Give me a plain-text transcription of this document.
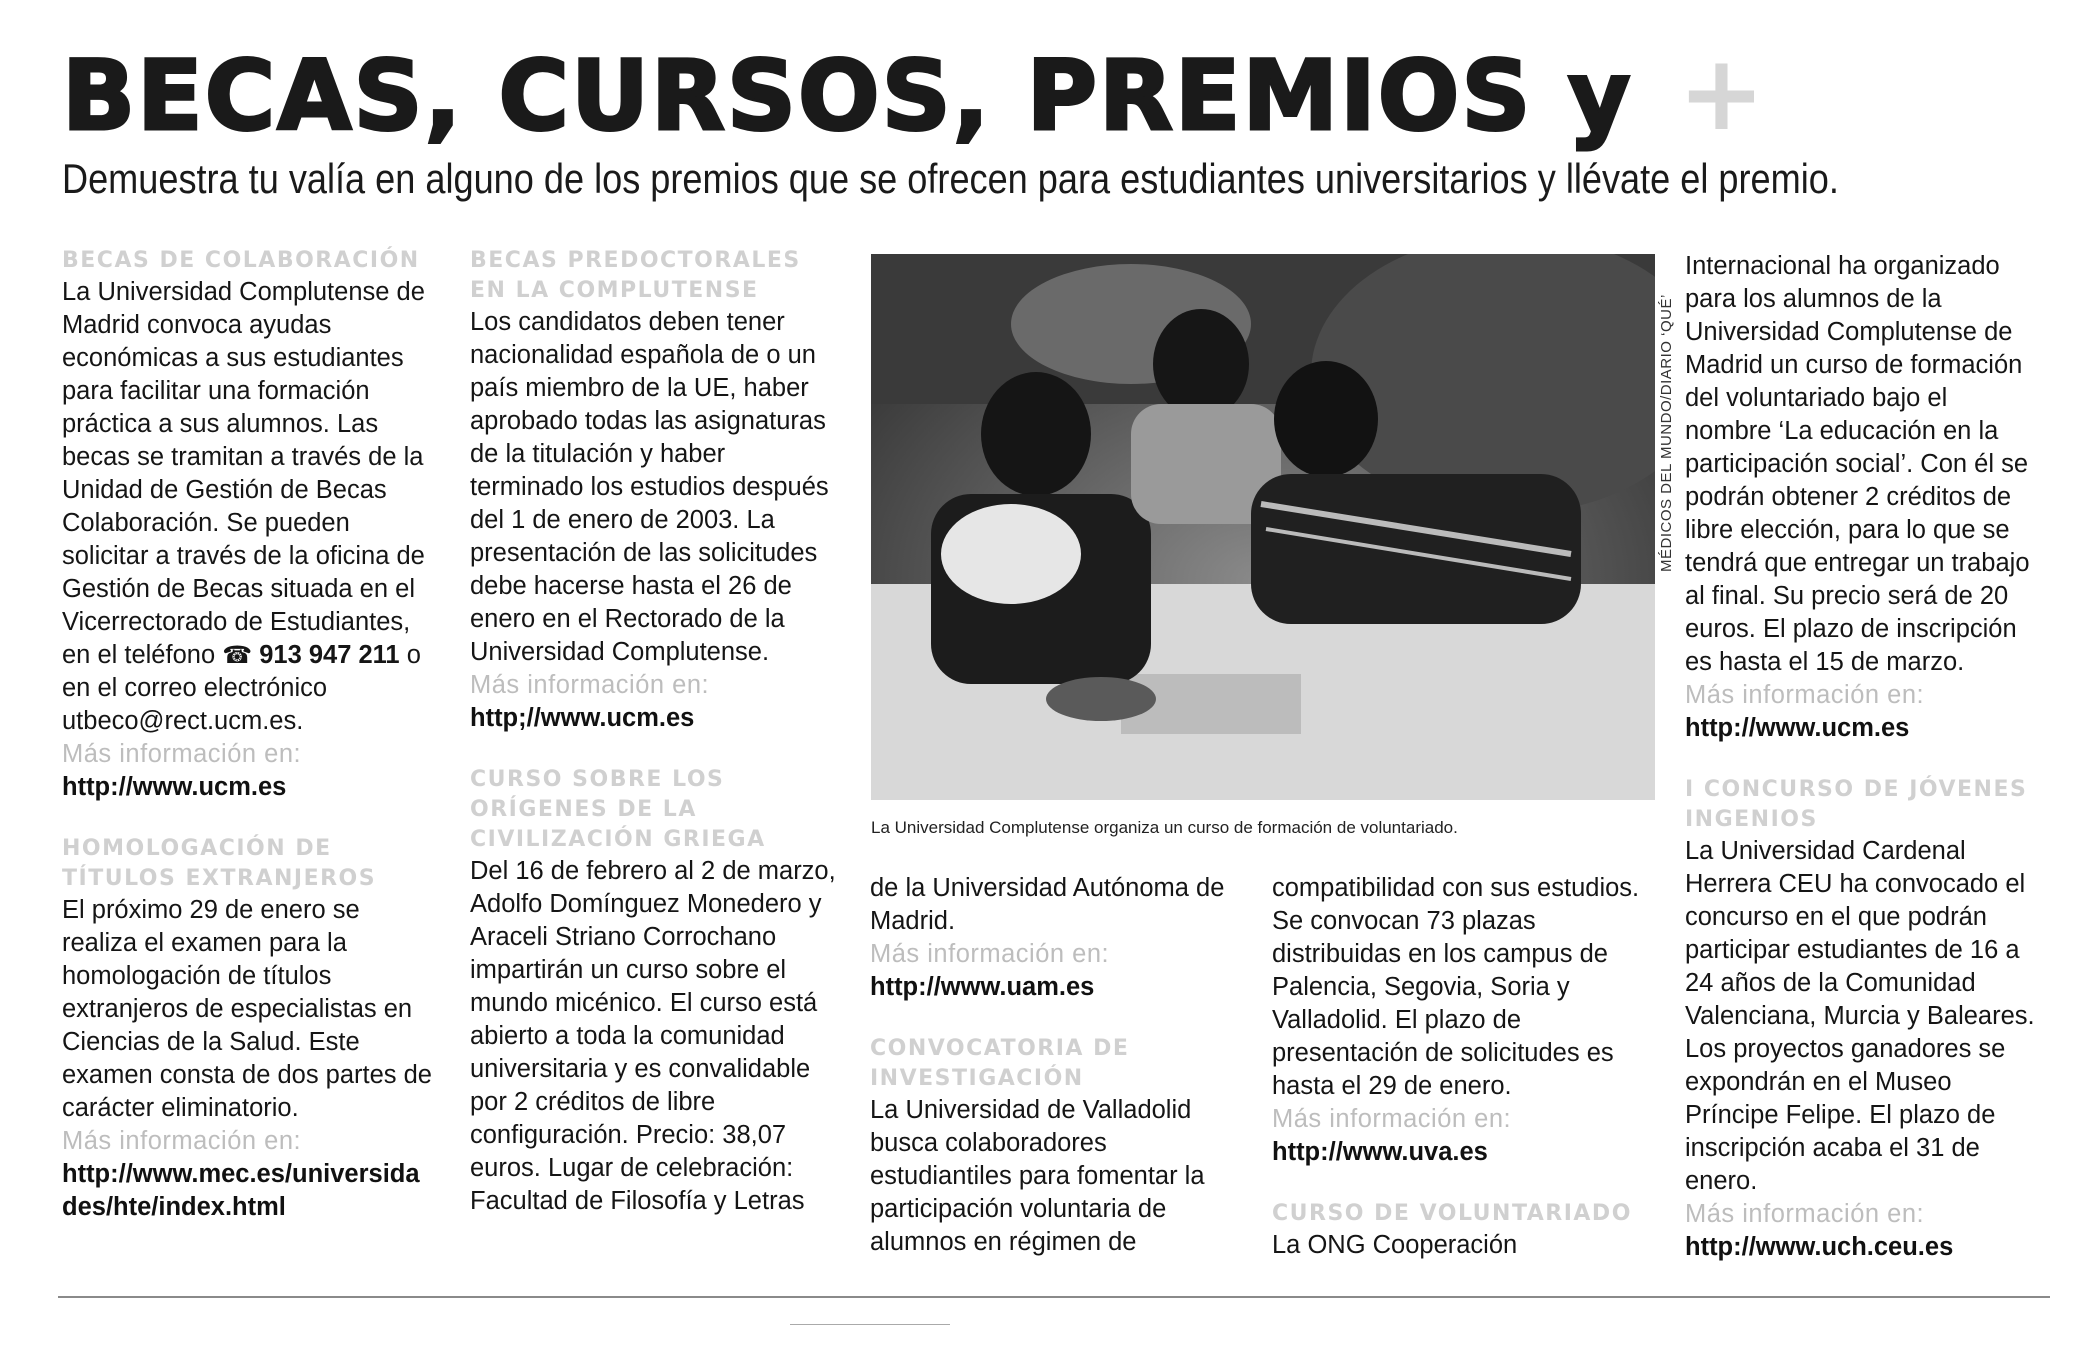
BECAS, CURSOS, PREMIOS y +
Demuestra tu valía en alguno de los premios que se ofrecen para estudiantes universitarios y llévate el premio.
BECAS DE COLABORACIÓN
La Universidad Complutense de Madrid convoca ayudas económicas a sus estudiantes para facilitar una formación práctica a sus alumnos. Las becas se tramitan a través de la Unidad de Gestión de Becas Colaboración. Se pueden solicitar a través de la oficina de Gestión de Becas situada en el Vicerrectorado de Estudiantes, en el teléfono ☎ 913 947 211 o en el correo electrónico utbeco@rect.ucm.es.
Más información en:
http://www.ucm.es
HOMOLOGACIÓN DE TÍTULOS EXTRANJEROS
El próximo 29 de enero se realiza el examen para la homologación de títulos extranjeros de especialistas en Ciencias de la Salud. Este examen consta de dos partes de carácter eliminatorio.
Más información en:
http://www.mec.es/universidades/hte/index.html
BECAS PREDOCTORALES EN LA COMPLUTENSE
Los candidatos deben tener nacionalidad española de o un país miembro de la UE, haber aprobado todas las asignaturas de la titulación y haber terminado los estudios después del 1 de enero de 2003. La presentación de las solicitudes debe hacerse hasta el 26 de enero en el Rectorado de la Universidad Complutense.
Más información en:
http;//www.ucm.es
CURSO SOBRE LOS ORÍGENES DE LA CIVILIZACIÓN GRIEGA
Del 16 de febrero al 2 de marzo, Adolfo Domínguez Monedero y Araceli Striano Corrochano impartirán un curso sobre el mundo micénico. El curso está abierto a toda la comunidad universitaria y es convalidable por 2 créditos de libre configuración. Precio: 38,07 euros. Lugar de celebración: Facultad de Filosofía y Letras
MÉDICOS DEL MUNDO/DIARIO ‘QUÉ’
La Universidad Complutense organiza un curso de formación de voluntariado.
de la Universidad Autónoma de Madrid.
Más información en:
http://www.uam.es
CONVOCATORIA DE INVESTIGACIÓN
La Universidad de Valladolid busca colaboradores estudiantiles para fomentar la participación voluntaria de alumnos en régimen de
compatibilidad con sus estudios. Se convocan 73 plazas distribuidas en los campus de Palencia, Segovia, Soria y Valladolid. El plazo de presentación de solicitudes es hasta el 29 de enero.
Más información en:
http://www.uva.es
CURSO DE VOLUNTARIADO
La ONG Cooperación
Internacional ha organizado para los alumnos de la Universidad Complutense de Madrid un curso de formación del voluntariado bajo el nombre ‘La educación en la participación social’. Con él se podrán obtener 2 créditos de libre elección, para lo que se tendrá que entregar un trabajo al final. Su precio será de 20 euros. El plazo de inscripción es hasta el 15 de marzo.
Más información en:
http://www.ucm.es
I CONCURSO DE JÓVENES INGENIOS
La Universidad Cardenal Herrera CEU ha convocado el concurso en el que podrán participar estudiantes de 16 a 24 años de la Comunidad Valenciana, Murcia y Baleares. Los proyectos ganadores se expondrán en el Museo Príncipe Felipe. El plazo de inscripción acaba el 31 de enero.
Más información en:
http://www.uch.ceu.es
